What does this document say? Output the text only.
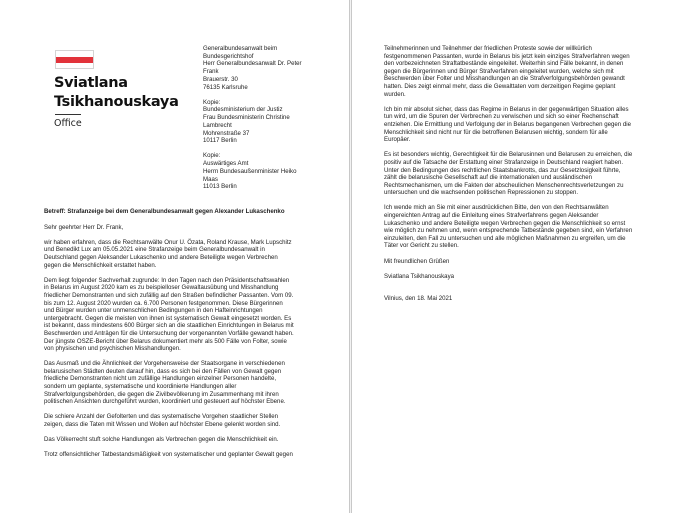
Sviatlana
Tsikhanouskaya
Office
Generalbundesanwalt beim
Bundesgerichtshof
Herr Generalbundesanwalt Dr. Peter
Frank
Brauerstr. 30
76135 Karlsruhe
Kopie:
Bundesministerium der Justiz
Frau Bundesministerin Christine
Lambrecht
Mohrenstraße 37
10117 Berlin
Kopie:
Auswärtiges Amt
Herrn Bundesaußenminister Heiko
Maas
11013 Berlin

Betreff: Strafanzeige bei dem Generalbundesanwalt gegen Alexander Lukaschenko

Sehr geehrter Herr Dr. Frank,

wir haben erfahren, dass die Rechtsanwälte Onur U. Özata, Roland Krause, Mark Lupschitz
und Benedikt Lux am 05.05.2021 eine Strafanzeige beim Generalbundesanwalt in
Deutschland gegen Aleksander Lukaschenko und andere Beteiligte wegen Verbrechen
gegen die Menschlichkeit erstattet haben.

Dem liegt folgender Sachverhalt zugrunde: In den Tagen nach den Präsidentschaftswahlen
in Belarus im August 2020 kam es zu beispielloser Gewaltausübung und Misshandlung
friedlicher Demonstranten und sich zufällig auf den Straßen befindlicher Passanten. Vom 09.
bis zum 12. August 2020 wurden ca. 6.700 Personen festgenommen. Diese Bürgerinnen
und Bürger wurden unter unmenschlichen Bedingungen in den Hafteinrichtungen
untergebracht. Gegen die meisten von ihnen ist systematisch Gewalt eingesetzt worden. Es
ist bekannt, dass mindestens 600 Bürger sich an die staatlichen Einrichtungen in Belarus mit
Beschwerden und Anträgen für die Untersuchung der vorgenannten Vorfälle gewandt haben.
Der jüngste OSZE-Bericht über Belarus dokumentiert mehr als 500 Fälle von Folter, sowie
von physischen und psychischen Misshandlungen.

Das Ausmaß und die Ähnlichkeit der Vorgehensweise der Staatsorgane in verschiedenen
belarusischen Städten deuten darauf hin, dass es sich bei den Fällen von Gewalt gegen
friedliche Demonstranten nicht um zufällige Handlungen einzelner Personen handelte,
sondern um geplante, systematische und koordinierte Handlungen aller
Strafverfolgungsbehörden, die gegen die Zivilbevölkerung im Zusammenhang mit ihren
politischen Ansichten durchgeführt wurden, koordiniert und gesteuert auf höchster Ebene.

Die schiere Anzahl der Gefolterten und das systematische Vorgehen staatlicher Stellen
zeigen, dass die Taten mit Wissen und Wollen auf höchster Ebene gelenkt worden sind.

Das Völkerrecht stuft solche Handlungen als Verbrechen gegen die Menschlichkeit ein.

Trotz offensichtlicher Tatbestandsmäßigkeit von systematischer und geplanter Gewalt gegen

Teilnehmerinnen und Teilnehmer der friedlichen Proteste sowie der willkürlich
festgenommenen Passanten, wurde in Belarus bis jetzt kein einziges Strafverfahren wegen
den vorbezeichneten Straftatbestände eingeleitet. Weiterhin sind Fälle bekannt, in denen
gegen die Bürgerinnen und Bürger Strafverfahren eingeleitet wurden, welche sich mit
Beschwerden über Folter und Misshandlungen an die Strafverfolgungsbehörden gewandt
hatten. Dies zeigt einmal mehr, dass die Gewalttaten vom derzeitigen Regime geplant
wurden.

Ich bin mir absolut sicher, dass das Regime in Belarus in der gegenwärtigen Situation alles
tun wird, um die Spuren der Verbrechen zu verwischen und sich so einer Rechenschaft
entziehen. Die Ermittlung und Verfolgung der in Belarus begangenen Verbrechen gegen die
Menschlichkeit sind nicht nur für die betroffenen Belarusen wichtig, sondern für alle
Europäer.

Es ist besonders wichtig, Gerechtigkeit für die Belarusinnen und Belarusen zu erreichen, die
positiv auf die Tatsache der Erstattung einer Strafanzeige in Deutschland reagiert haben.
Unter den Bedingungen des rechtlichen Staatsbankrotts, das zur Gesetzlosigkeit führte,
zählt die belarusische Gesellschaft auf die internationalen und ausländischen
Rechtsmechanismen, um die Fakten der abscheulichen Menschenrechtsverletzungen zu
untersuchen und die wachsenden politischen Repressionen zu stoppen.

Ich wende mich an Sie mit einer ausdrücklichen Bitte, den von den Rechtsanwälten
eingereichten Antrag auf die Einleitung eines Strafverfahrens gegen Aleksander
Lukaschenko und andere Beteiligte wegen Verbrechen gegen die Menschlichkeit so ernst
wie möglich zu nehmen und, wenn entsprechende Tatbestände gegeben sind, ein Verfahren
einzuleiten, den Fall zu untersuchen und alle möglichen Maßnahmen zu ergreifen, um die
Täter vor Gericht zu stellen.

Mit freundlichen Grüßen

Sviatlana Tsikhanouskaya

Vilnius, den 18. Mai 2021
